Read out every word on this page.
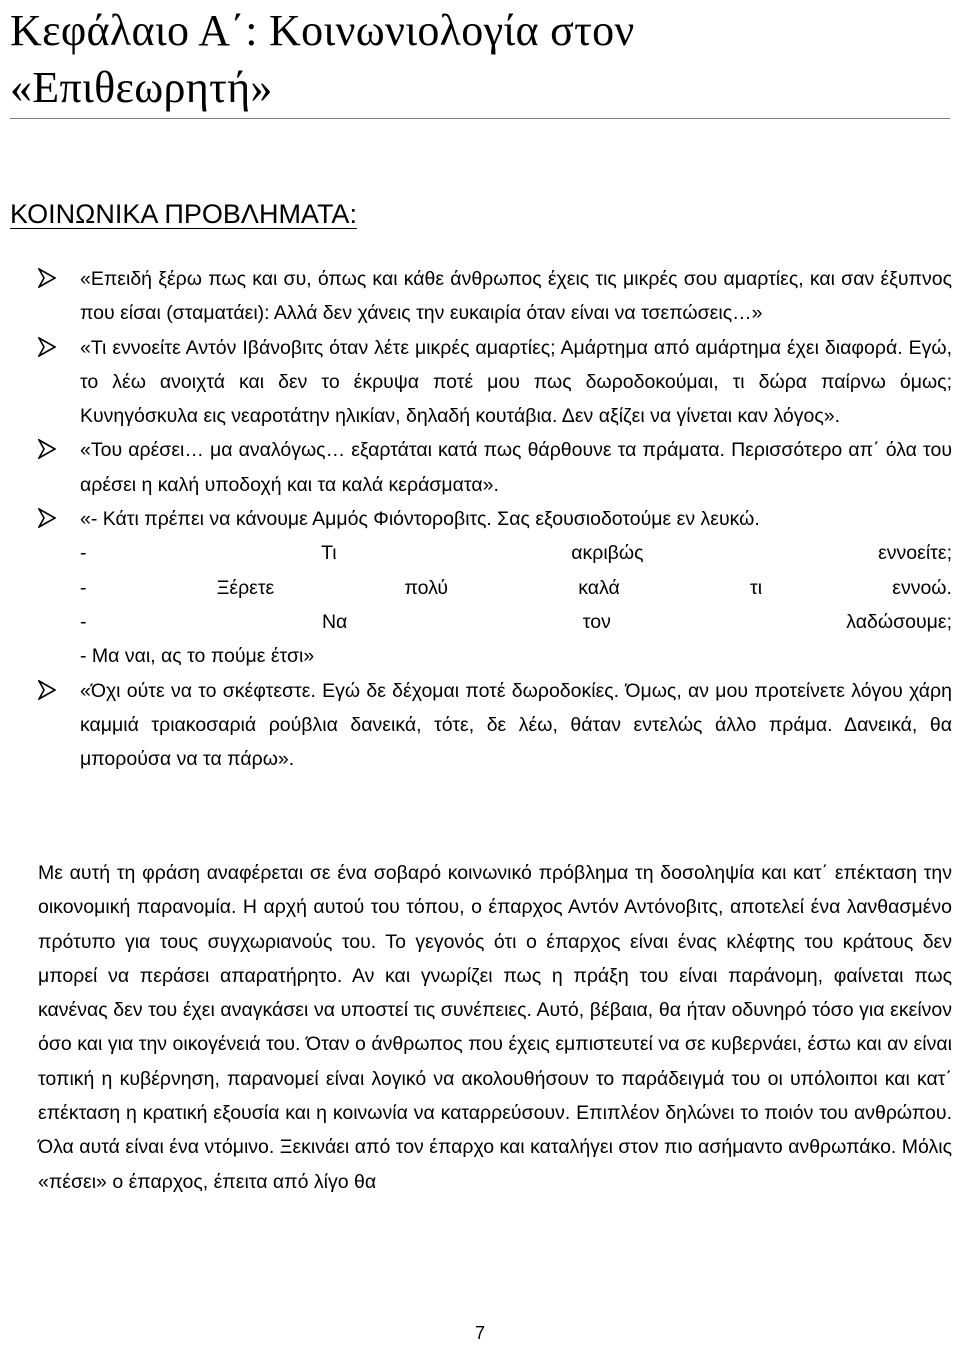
Κεφάλαιο Α΄: Κοινωνιολογία στον
«Επιθεωρητή»
ΚΟΙΝΩΝΙΚΑ ΠΡΟΒΛΗΜΑΤΑ:
«Επειδή ξέρω πως και συ, όπως και κάθε άνθρωπος έχεις τις μικρές σου αμαρτίες, και σαν έξυπνος που είσαι (σταματάει): Αλλά δεν χάνεις την ευκαιρία όταν είναι να τσεπώσεις…»
«Τι εννοείτε Αντόν Ιβάνοβιτς όταν λέτε μικρές αμαρτίες; Αμάρτημα από αμάρτημα έχει διαφορά. Εγώ, το λέω ανοιχτά και δεν το έκρυψα ποτέ μου πως δωροδοκούμαι, τι δώρα παίρνω όμως; Κυνηγόσκυλα εις νεαροτάτην ηλικίαν, δηλαδή κουτάβια. Δεν αξίζει να γίνεται καν λόγος».
«Του αρέσει… μα αναλόγως… εξαρτάται κατά πως θάρθουνε τα πράματα. Περισσότερο απ΄ όλα του αρέσει η καλή υποδοχή και τα καλά κεράσματα».
«- Κάτι πρέπει να κάνουμε Αμμός Φιόντοροβιτς. Σας εξουσιοδοτούμε εν λευκώ.
-	Τι	ακριβώς	εννοείτε;
-	Ξέρετε	πολύ	καλά	τι	εννοώ.
-	Να	τον	λαδώσουμε;
- Μα ναι, ας το πούμε έτσι»
«Όχι ούτε να το σκέφτεστε. Εγώ δε δέχομαι ποτέ δωροδοκίες. Όμως, αν μου προτείνετε λόγου χάρη καμμιά τριακοσαριά ρούβλια δανεικά, τότε, δε λέω, θάταν εντελώς άλλο πράμα. Δανεικά, θα μπορούσα να τα πάρω».

Με αυτή τη φράση αναφέρεται σε ένα σοβαρό κοινωνικό πρόβλημα τη δοσοληψία και κατ΄ επέκταση την οικονομική παρανομία. Η αρχή αυτού του τόπου, ο έπαρχος Αντόν Αντόνοβιτς, αποτελεί ένα λανθασμένο πρότυπο για τους συγχωριανούς του. Το γεγονός ότι ο έπαρχος είναι ένας κλέφτης του κράτους δεν μπορεί να περάσει απαρατήρητο. Αν και γνωρίζει πως η πράξη του είναι παράνομη, φαίνεται πως κανένας δεν του έχει αναγκάσει να υποστεί τις συνέπειες. Αυτό, βέβαια, θα ήταν οδυνηρό τόσο για εκείνον όσο και για την οικογένειά του. Όταν ο άνθρωπος που έχεις εμπιστευτεί να σε κυβερνάει, έστω και αν είναι τοπική η κυβέρνηση, παρανομεί είναι λογικό να ακολουθήσουν το παράδειγμά του οι υπόλοιποι και κατ΄ επέκταση η κρατική εξουσία και η κοινωνία να καταρρεύσουν. Επιπλέον δηλώνει το ποιόν του ανθρώπου. Όλα αυτά είναι ένα ντόμινο. Ξεκινάει από τον έπαρχο και καταλήγει στον πιο ασήμαντο ανθρωπάκο. Μόλις «πέσει» ο έπαρχος, έπειτα από λίγο θα

7
